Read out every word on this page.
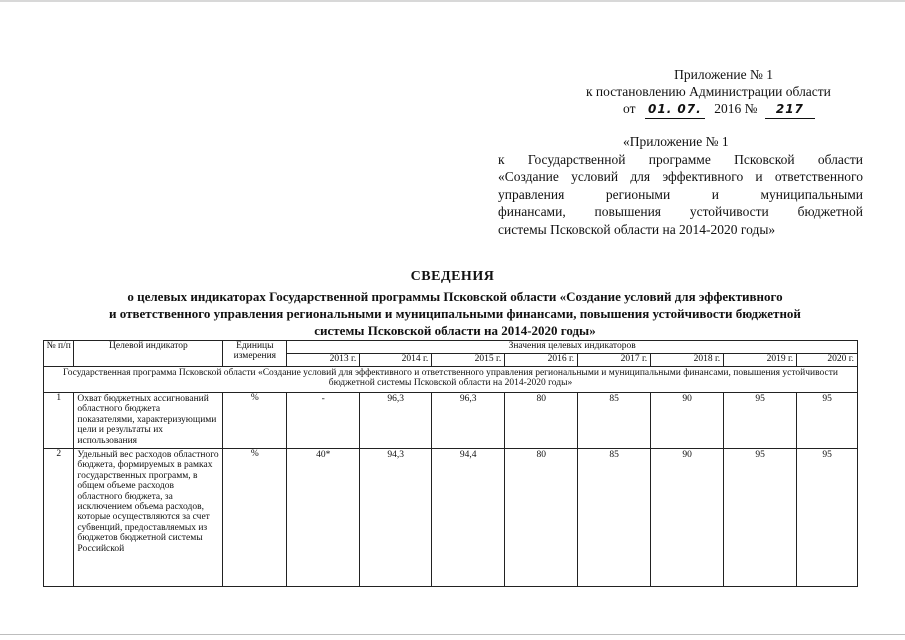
Приложение № 1
к постановлению Администрации области
от 01. 07. 2016 № 217
«Приложение № 1
к Государственной программе Псковской области
«Создание условий для эффективного и ответственного
управления региоными и муниципальными
финансами, повышения устойчивости бюджетной
системы Псковской области на 2014-2020 годы»
СВЕДЕНИЯ
о целевых индикаторах Государственной программы Псковской области «Создание условий для эффективного
и ответственного управления региональными и муниципальными финансами, повышения устойчивости бюджетной
системы Псковской области на 2014-2020 годы»
№ п/п	Целевой индикатор	Единицы измерения	Значения целевых индикаторов							
			2013 г.	2014 г.	2015 г.	2016 г.	2017 г.	2018 г.	2019 г.	2020 г.
Государственная программа Псковской области «Создание условий для эффективного и ответственного управления региональными и муниципальными финансами, повышения устойчивости бюджетной системы Псковской области на 2014-2020 годы»										
1	Охват бюджетных ассигнований областного бюджета показателями, характеризующими цели и результаты их использования	%	-	96,3	96,3	80	85	90	95	95
2	Удельный вес расходов областного бюджета, формируемых в рамках государственных программ, в общем объеме расходов областного бюджета, за исключением объема расходов, которые осуществляются за счет субвенций, предоставляемых из бюджетов бюджетной системы Российской	%	40*	94,3	94,4	80	85	90	95	95
